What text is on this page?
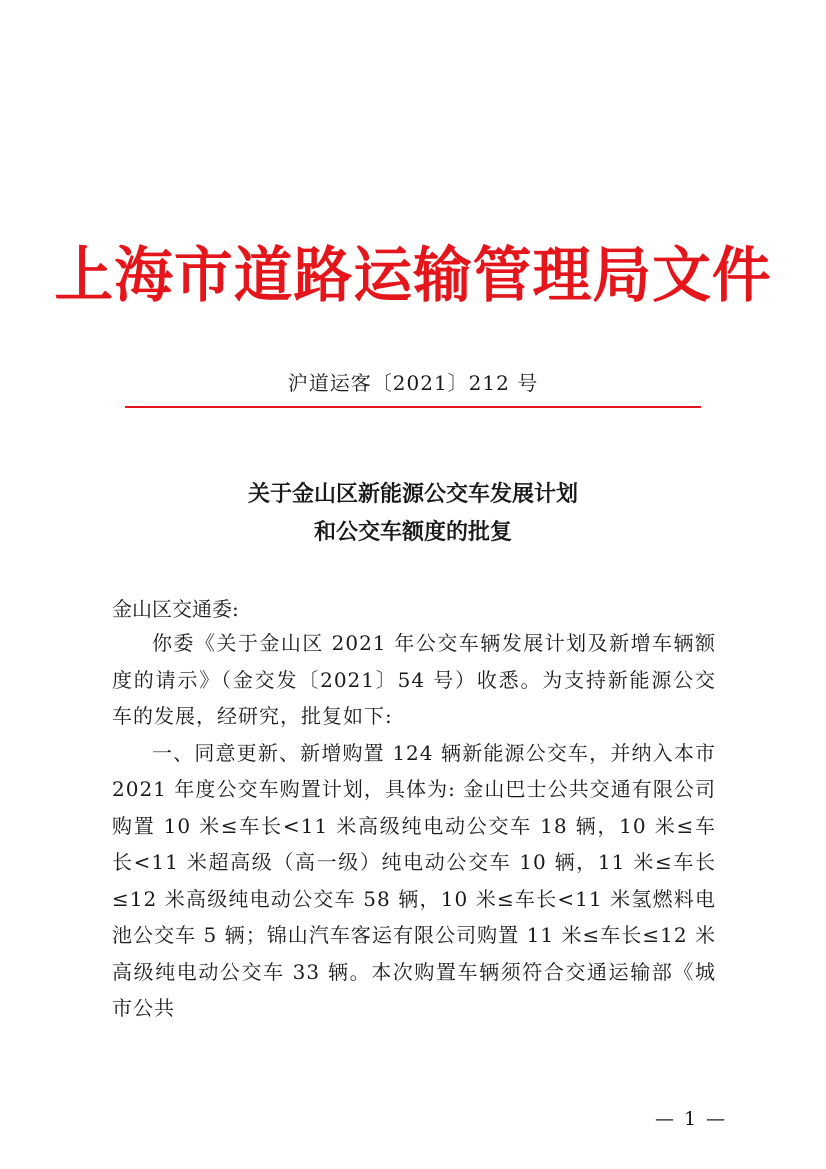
上海市道路运输管理局文件
沪道运客〔2021〕212 号
关于金山区新能源公交车发展计划
和公交车额度的批复
金山区交通委:

你委《关于金山区 2021 年公交车辆发展计划及新增车辆额度的请示》（金交发〔2021〕54 号）收悉。为支持新能源公交车的发展，经研究，批复如下:

一、同意更新、新增购置 124 辆新能源公交车，并纳入本市 2021 年度公交车购置计划，具体为: 金山巴士公共交通有限公司购置 10 米≤车长<11 米高级纯电动公交车 18 辆，10 米≤车长<11 米超高级（高一级）纯电动公交车 10 辆，11 米≤车长≤12 米高级纯电动公交车 58 辆，10 米≤车长<11 米氢燃料电池公交车 5 辆；锦山汽车客运有限公司购置 11 米≤车长≤12 米高级纯电动公交车 33 辆。本次购置车辆须符合交通运输部《城市公共

— 1 —
